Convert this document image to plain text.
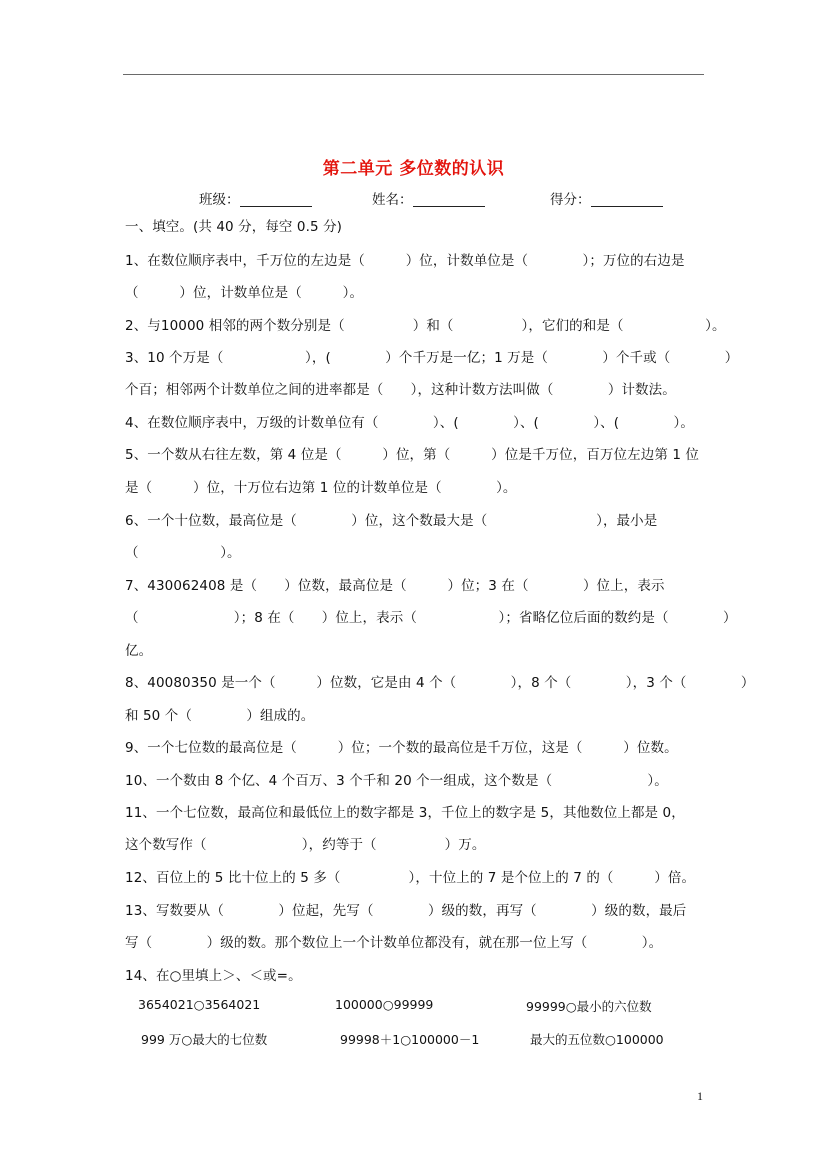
第二单元 多位数的认识
班级：	姓名：	得分：
一、填空。(共 40 分，每空 0.5 分)
1、在数位顺序表中，千万位的左边是（　　　）位，计数单位是（　　　　）；万位的右边是
（　　　）位，计数单位是（　　　）。
2、与10000 相邻的两个数分别是（　　　　　）和（　　　　　），它们的和是（　　　　　　）。
3、10 个万是（　　　　　　），(　　　　）个千万是一亿；1 万是（　　　　）个千或（　　　　）
个百；相邻两个计数单位之间的进率都是（　　），这种计数方法叫做（　　　　）计数法。
4、在数位顺序表中，万级的计数单位有（　　　　）、(　　　　）、(　　　　）、(　　　　）。
5、一个数从右往左数，第 4 位是（　　　）位，第（　　　）位是千万位，百万位左边第 1 位
是（　　　）位，十万位右边第 1 位的计数单位是（　　　　）。
6、一个十位数，最高位是（　　　　）位，这个数最大是（　　　　　　　　），最小是
（　　　　　　）。
7、430062408 是（　　）位数，最高位是（　　　）位；3 在（　　　　）位上，表示
（　　　　　　　）；8 在（　　）位上，表示（　　　　　　）；省略亿位后面的数约是（　　　　）
亿。
8、40080350 是一个（　　　）位数，它是由 4 个（　　　　），8 个（　　　　），3 个（　　　　）
和 50 个（　　　　）组成的。
9、一个七位数的最高位是（　　　）位；一个数的最高位是千万位，这是（　　　）位数。
10、一个数由 8 个亿、4 个百万、3 个千和 20 个一组成，这个数是（　　　　　　　）。
11、一个七位数，最高位和最低位上的数字都是 3，千位上的数字是 5，其他数位上都是 0，
这个数写作（　　　　　　　），约等于（　　　　　）万。
12、百位上的 5 比十位上的 5 多（　　　　　），十位上的 7 是个位上的 7 的（　　　）倍。
13、写数要从（　　　　）位起，先写（　　　　）级的数，再写（　　　　）级的数，最后
写（　　　　）级的数。那个数位上一个计数单位都没有，就在那一位上写（　　　　）。
14、在○里填上＞、＜或=。
3654021○3564021	100000○99999	99999○最小的六位数
999 万○最大的七位数	99998＋1○100000－1	最大的五位数○100000
1
